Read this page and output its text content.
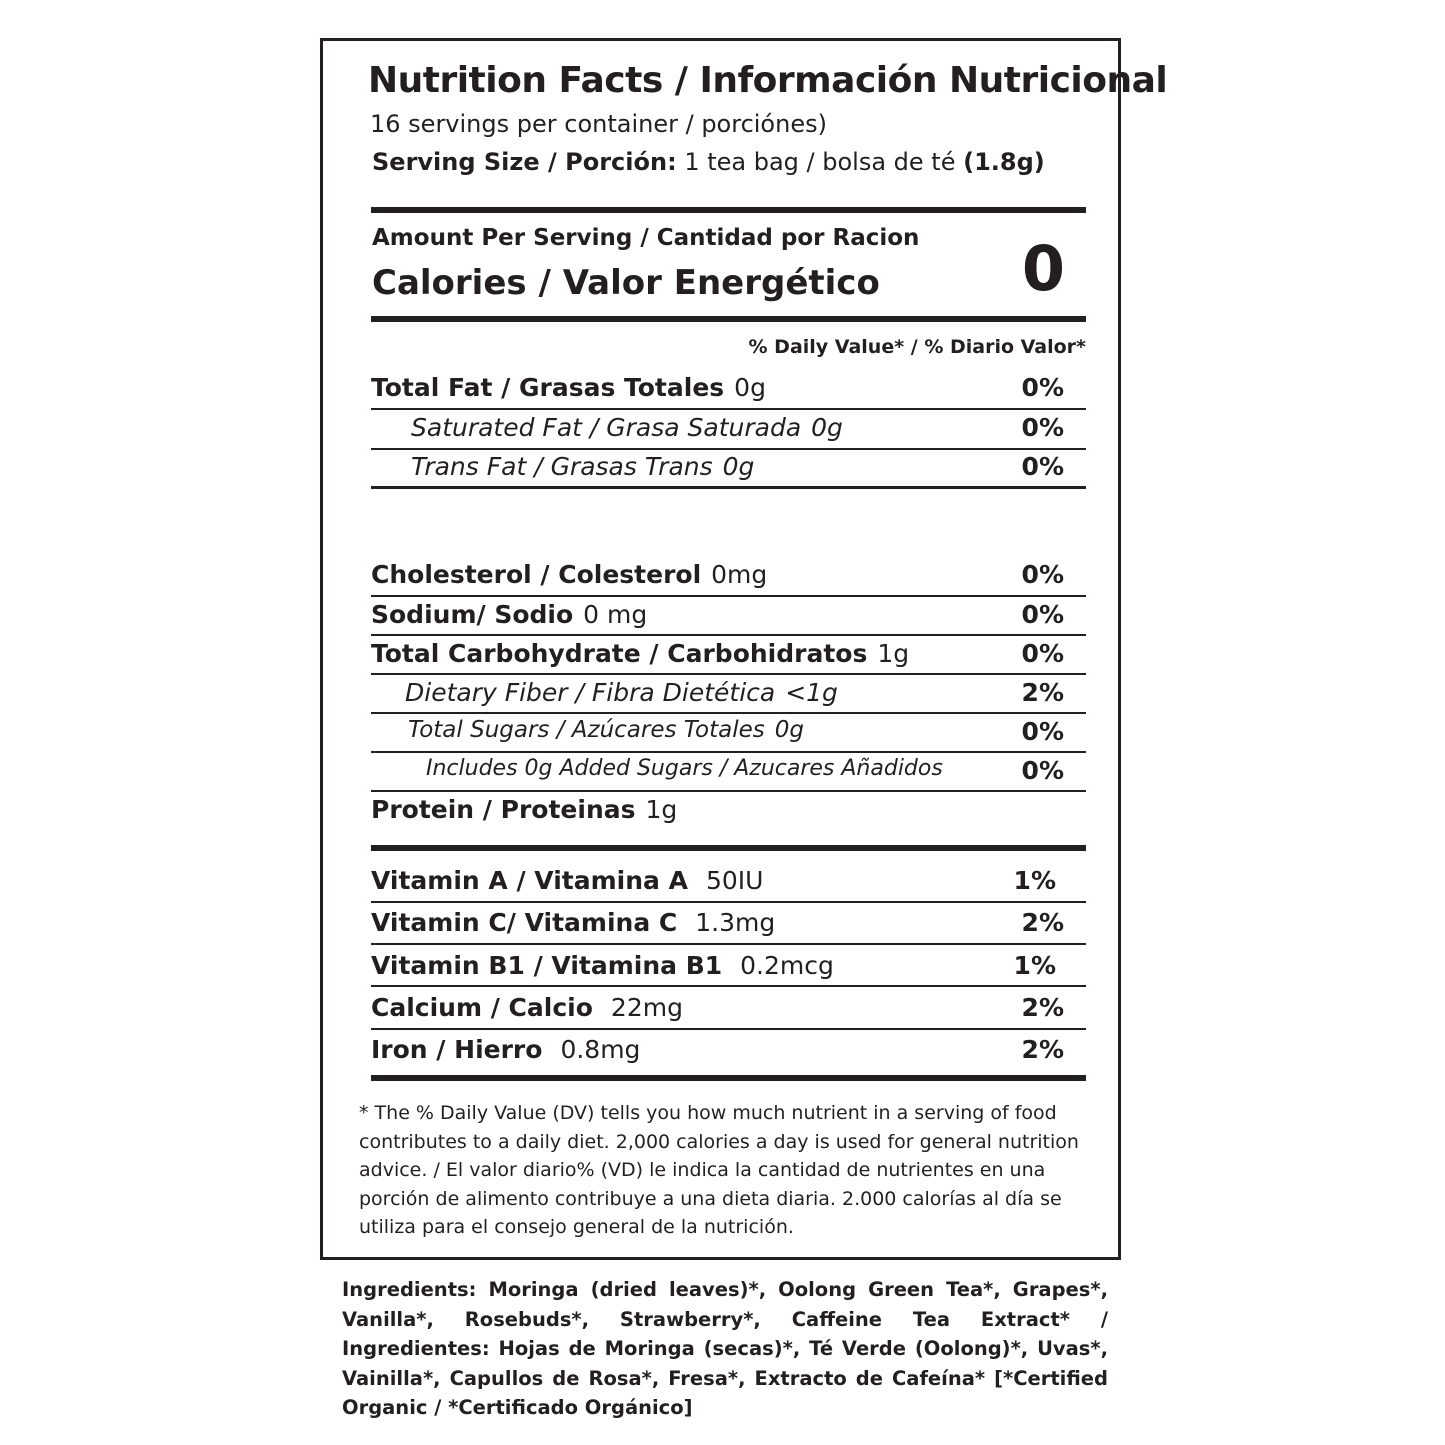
Nutrition Facts / Información Nutricional
16 servings per container / porciónes)
Serving Size / Porción: 1 tea bag / bolsa de té (1.8g)
Amount Per Serving / Cantidad por Racion
Calories / Valor Energético 0
% Daily Value* / % Diario Valor*
Total Fat / Grasas Totales 0g	0%
Saturated Fat / Grasa Saturada 0g	0%
Trans Fat / Grasas Trans 0g	0%
Cholesterol / Colesterol 0mg	0%
Sodium/ Sodio 0 mg	0%
Total Carbohydrate / Carbohidratos 1g	0%
Dietary Fiber / Fibra Dietética <1g	2%
Total Sugars / Azúcares Totales 0g	0%
Includes 0g Added Sugars / Azucares Añadidos	0%
Protein / Proteinas 1g
Vitamin A / Vitamina A 50IU	1%
Vitamin C/ Vitamina C 1.3mg	2%
Vitamin B1 / Vitamina B1 0.2mcg	1%
Calcium / Calcio 22mg	2%
Iron / Hierro 0.8mg	2%
* The % Daily Value (DV) tells you how much nutrient in a serving of food contributes to a daily diet. 2,000 calories a day is used for general nutrition advice. / El valor diario% (VD) le indica la cantidad de nutrientes en una porción de alimento contribuye a una dieta diaria. 2.000 calorías al día se utiliza para el consejo general de la nutrición.
Ingredients: Moringa (dried leaves)*, Oolong Green Tea*, Grapes*, Vanilla*, Rosebuds*, Strawberry*, Caffeine Tea Extract* / Ingredientes: Hojas de Moringa (secas)*, Té Verde (Oolong)*, Uvas*, Vainilla*, Capullos de Rosa*, Fresa*, Extracto de Cafeína* [*Certified Organic / *Certificado Orgánico]
